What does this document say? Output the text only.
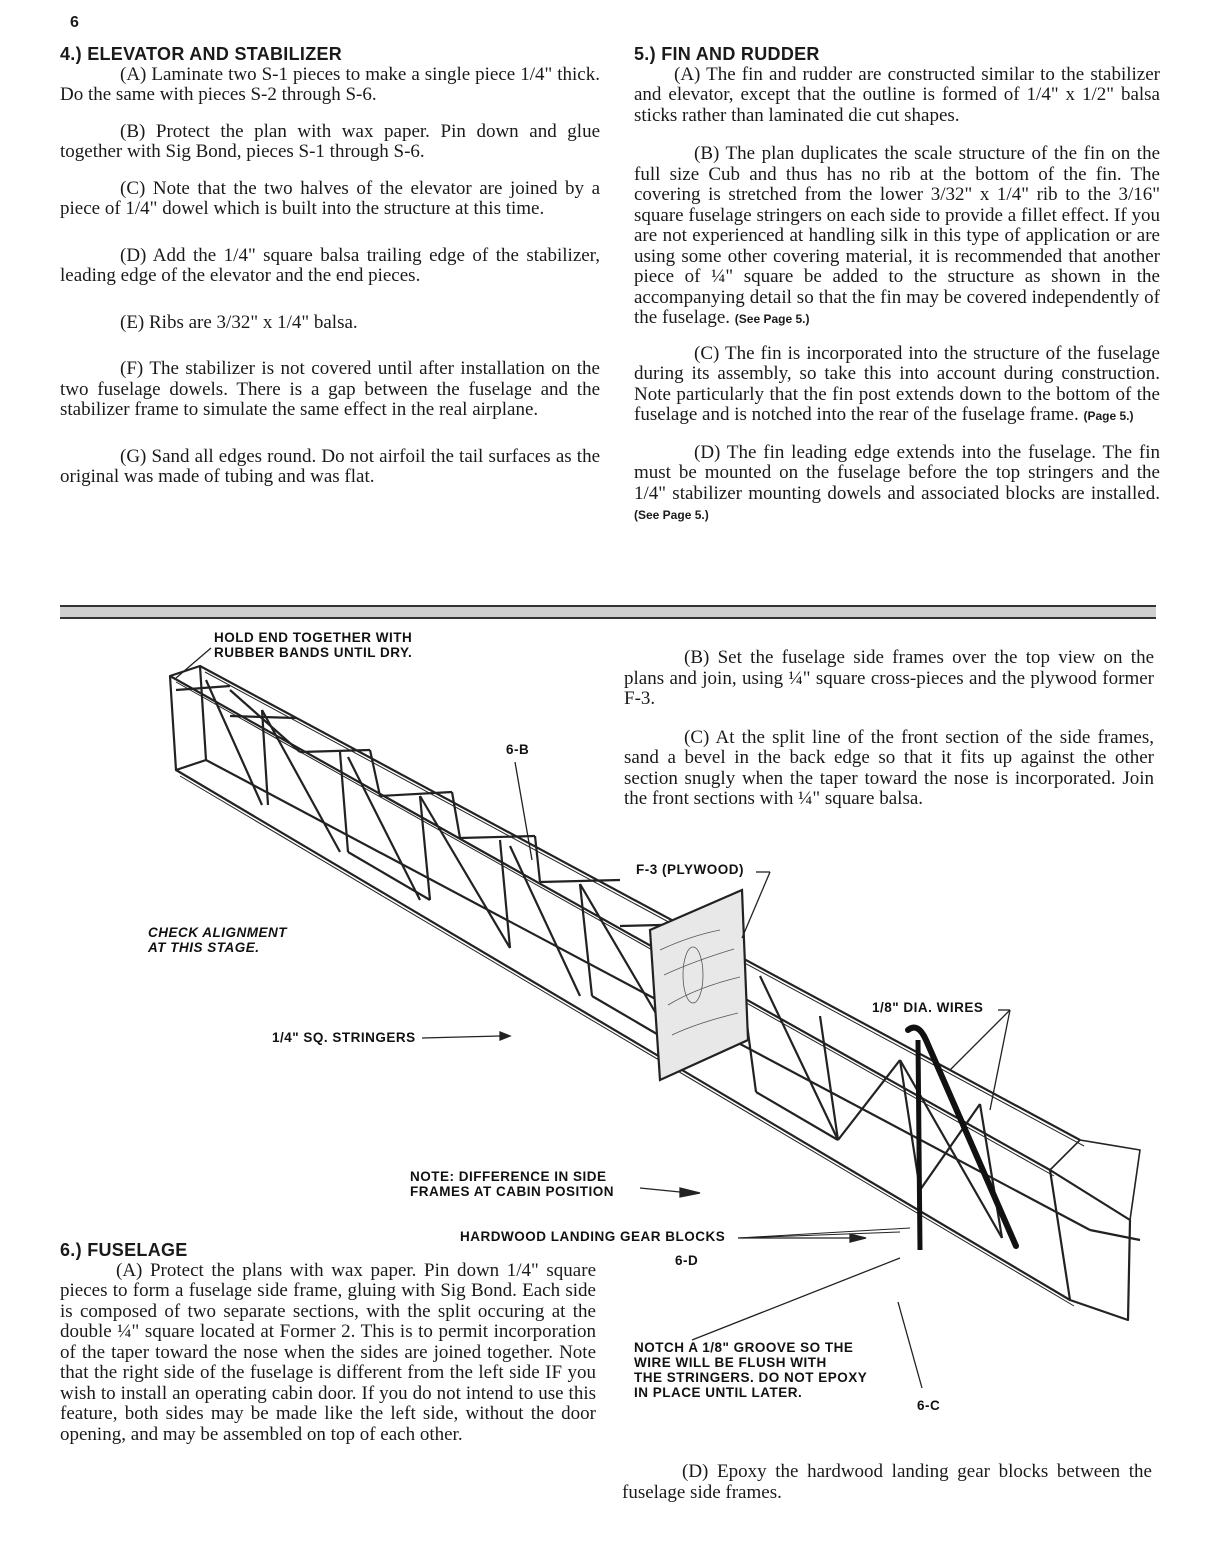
6

4.) ELEVATOR AND STABILIZER

(A) Laminate two S-1 pieces to make a single piece 1/4" thick. Do the same with pieces S-2 through S-6.

(B) Protect the plan with wax paper. Pin down and glue together with Sig Bond, pieces S-1 through S-6.

(C) Note that the two halves of the elevator are joined by a piece of 1/4" dowel which is built into the structure at this time.

(D) Add the 1/4" square balsa trailing edge of the stabilizer, leading edge of the elevator and the end pieces.

(E) Ribs are 3/32" x 1/4" balsa.

(F) The stabilizer is not covered until after installation on the two fuselage dowels. There is a gap between the fuselage and the stabilizer frame to simulate the same effect in the real airplane.

(G) Sand all edges round. Do not airfoil the tail surfaces as the original was made of tubing and was flat.

5.) FIN AND RUDDER

(A) The fin and rudder are constructed similar to the stabilizer and elevator, except that the outline is formed of 1/4" x 1/2" balsa sticks rather than laminated die cut shapes.

(B) The plan duplicates the scale structure of the fin on the full size Cub and thus has no rib at the bottom of the fin. The covering is stretched from the lower 3/32" x 1/4" rib to the 3/16" square fuselage stringers on each side to provide a fillet effect. If you are not experienced at handling silk in this type of application or are using some other covering material, it is recommended that another piece of ¼" square be added to the structure as shown in the accompanying detail so that the fin may be covered independently of the fuselage. (See Page 5.)

(C) The fin is incorporated into the structure of the fuselage during its assembly, so take this into account during construction. Note particularly that the fin post extends down to the bottom of the fuselage and is notched into the rear of the fuselage frame. (Page 5.)

(D) The fin leading edge extends into the fuselage. The fin must be mounted on the fuselage before the top stringers and the 1/4" stabilizer mounting dowels and associated blocks are installed. (See Page 5.)

(B) Set the fuselage side frames over the top view on the plans and join, using ¼" square cross-pieces and the plywood former F-3.

(C) At the split line of the front section of the side frames, sand a bevel in the back edge so that it fits up against the other section snugly when the taper toward the nose is incorporated. Join the front sections with ¼" square balsa.

6.) FUSELAGE

(A) Protect the plans with wax paper. Pin down 1/4" square pieces to form a fuselage side frame, gluing with Sig Bond. Each side is composed of two separate sections, with the split occuring at the double ¼" square located at Former 2. This is to permit incorporation of the taper toward the nose when the sides are joined together. Note that the right side of the fuselage is different from the left side IF you wish to install an operating cabin door. If you do not intend to use this feature, both sides may be made like the left side, without the door opening, and may be assembled on top of each other.

(D) Epoxy the hardwood landing gear blocks between the fuselage side frames.

HOLD END TOGETHER WITH
RUBBER BANDS UNTIL DRY.
6-B
CHECK ALIGNMENT
AT THIS STAGE.
1/4" SQ. STRINGERS
F-3 (PLYWOOD)
1/8" DIA. WIRES
NOTE: DIFFERENCE IN SIDE
FRAMES AT CABIN POSITION
HARDWOOD LANDING GEAR BLOCKS
6-D
NOTCH A 1/8" GROOVE SO THE
WIRE WILL BE FLUSH WITH
THE STRINGERS. DO NOT EPOXY
IN PLACE UNTIL LATER.
6-C
